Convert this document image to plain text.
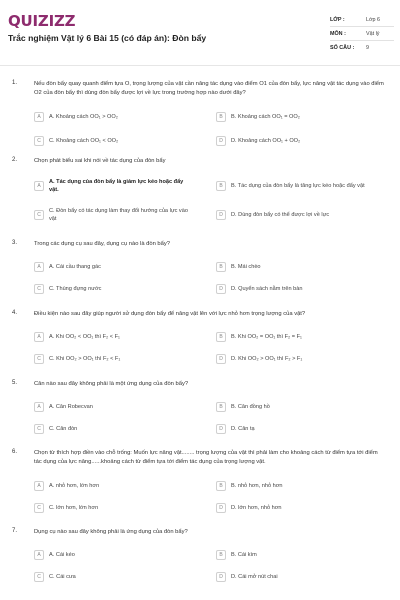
QUIZIZZ
Trắc nghiệm Vật lý 6 Bài 15 (có đáp án): Đòn bẩy
LỚP :	Lớp 6
MÔN :	Vật lý
SỐ CÂU :	9
1.	Nếu đòn bẩy quay quanh điểm tựa O, trọng lượng của vật cần nâng tác dụng vào điểm O1 của đòn bẩy, lực nâng vật tác dụng vào điểm O2 của đòn bẩy thì dùng đòn bẩy được lợi về lực trong trường hợp nào dưới đây?
A	A. Khoảng cách OO₁ > OO₂	B	B. Khoảng cách OO₁ = OO₂
C	C. Khoảng cách OO₁ < OO₂	D	D. Khoảng cách OO₁ + OO₂
2.	Chọn phát biểu sai khi nói về tác dụng của đòn bẩy
A
A. Tác dụng của đòn bẩy là giảm lực kéo hoặc đẩy vật.
B	B. Tác dụng của đòn bẩy là tăng lực kéo hoặc đẩy vật
C
C. Đòn bẩy có tác dụng làm thay đổi hướng của lực vào vật
D	D. Dùng đòn bẩy có thể được lợi về lực
3.	Trong các dụng cụ sau đây, dụng cụ nào là đòn bẩy?
A	A. Cái cầu thang gác	B	B. Mái chèo
C	C. Thùng đựng nước	D	D. Quyển sách nằm trên bàn
4.	Điều kiện nào sau đây giúp người sử dụng đòn bẩy để nâng vật lên với lực nhỏ hơn trọng lượng của vật?
A	A. Khi OO₂ < OO₁ thì F₂ < F₁	B	B. Khi OO₂ = OO₁ thì F₂ = F₁
C	C. Khi OO₂ > OO₁ thì F₂ < F₁	D	D. Khi OO₂ > OO₁ thì F₂ > F₁
5.	Cân nào sau đây không phải là một ứng dụng của đòn bẩy?
A	A. Cân Robecvan	B	B. Cân đồng hồ
C	C. Cân đòn	D	D. Cân tạ
6.	Chọn từ thích hợp điền vào chỗ trống: Muốn lực nâng vật........ trọng lượng của vật thì phải làm cho khoảng cách từ điểm tựa tới điểm tác dụng của lực nâng......khoảng cách từ điểm tựa tới điểm tác dụng của trọng lượng vật.
A	A. nhỏ hơn, lớn hơn	B	B. nhỏ hơn, nhỏ hơn
C	C. lớn hơn, lớn hơn	D	D. lớn hơn, nhỏ hơn
7.	Dụng cụ nào sau đây không phải là ứng dụng của đòn bẩy?
A	A. Cái kéo	B	B. Cái kìm
C	C. Cái cưa	D	D. Cái mở nút chai
